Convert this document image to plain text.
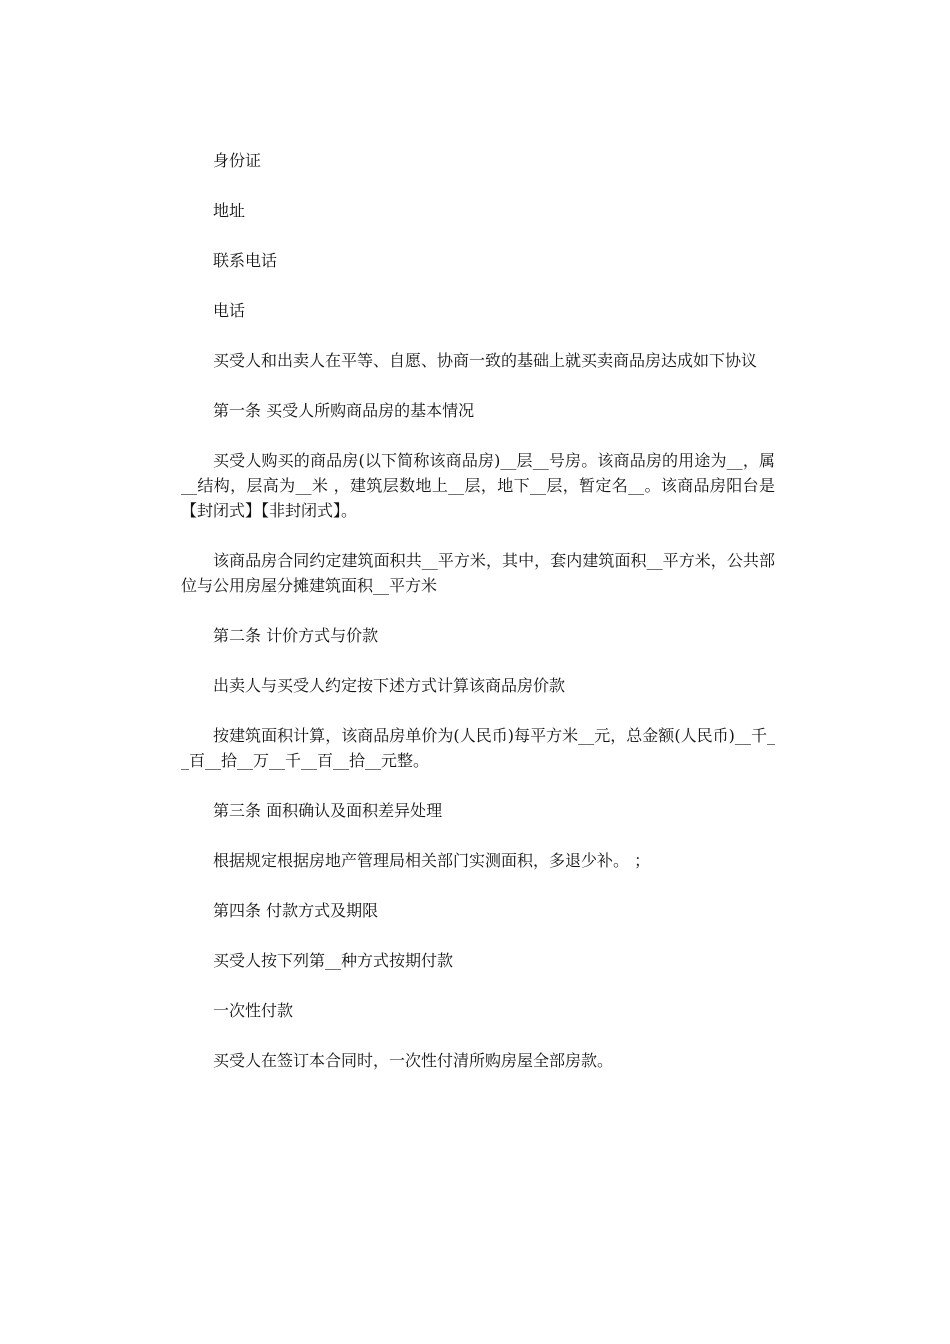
身份证

地址

联系电话

电话

买受人和出卖人在平等、自愿、协商一致的基础上就买卖商品房达成如下协议

第一条 买受人所购商品房的基本情况

买受人购买的商品房(以下简称该商品房)__层__号房。该商品房的用途为__，属__结构，层高为__米 ，建筑层数地上__层，地下__层，暂定名__。该商品房阳台是【封闭式】【非封闭式】。

该商品房合同约定建筑面积共__平方米，其中，套内建筑面积__平方米，公共部位与公用房屋分摊建筑面积__平方米

第二条 计价方式与价款

出卖人与买受人约定按下述方式计算该商品房价款

按建筑面积计算，该商品房单价为(人民币)每平方米__元，总金额(人民币)__千__百__拾__万__千__百__拾__元整。

第三条 面积确认及面积差异处理

根据规定根据房地产管理局相关部门实测面积，多退少补。 ；

第四条 付款方式及期限

买受人按下列第__种方式按期付款

一次性付款

买受人在签订本合同时，一次性付清所购房屋全部房款。
